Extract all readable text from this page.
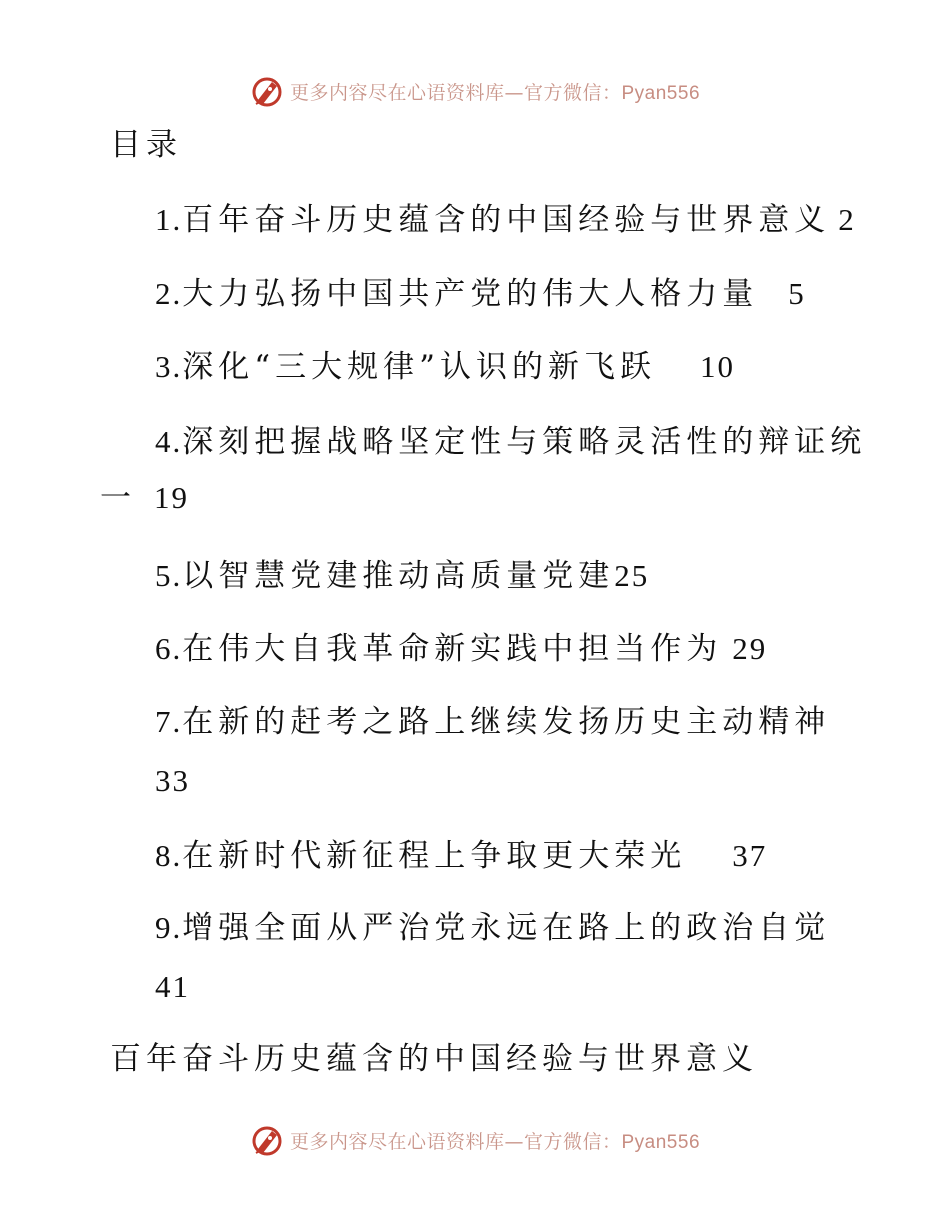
更多内容尽在心语资料库—官方微信：Pyan556
目录
1.百年奋斗历史蕴含的中国经验与世界意义 2
2.大力弘扬中国共产党的伟大人格力量 5
3.深化“三大规律”认识的新飞跃 10
4.深刻把握战略坚定性与策略灵活性的辩证统
一 19
5.以智慧党建推动高质量党建25
6.在伟大自我革命新实践中担当作为 29
7.在新的赶考之路上继续发扬历史主动精神
33
8.在新时代新征程上争取更大荣光 37
9.增强全面从严治党永远在路上的政治自觉
41
百年奋斗历史蕴含的中国经验与世界意义
更多内容尽在心语资料库—官方微信：Pyan556
